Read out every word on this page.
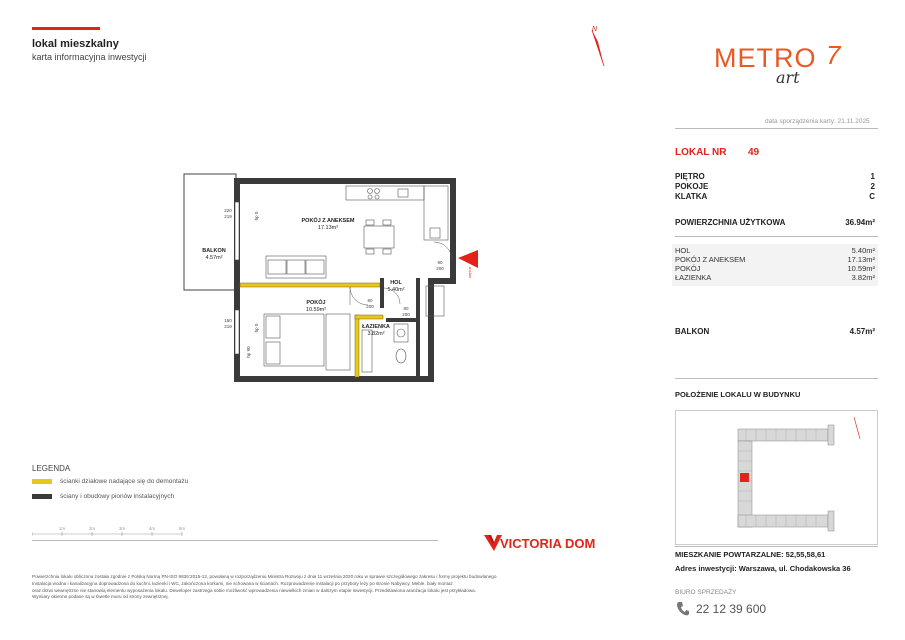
lokal mieszkalny
karta informacyjna inwestycji
N
METRO 7
art
data sporządzenia karty: 21.11.2025
LOKAL NR 49
PIĘTRO	1
POKOJE	2
KLATKA	C
POWIERZCHNIA UŻYTKOWA	36.94m²
HOL	5.40m²
POKÓJ Z ANEKSEM	17.13m²
POKÓJ	10.59m²
ŁAZIENKA	3.82m²
BALKON	4.57m²
POŁOŻENIE LOKALU W BUDYNKU
MIESZKANIE POWTARZALNE: 52,55,58,61
Adres inwestycji: Warszawa, ul. Chodakowska 36
BIURO SPRZEDAŻY
22 12 39 600
wejście
POKÓJ Z ANEKSEM
17.13m²
POKÓJ
10.59m²
HOL
5.40m²
ŁAZIENKA
3.82m²
BALKON
4.57m²
220
219
160
219
90
200
80
200	80
200
hp 0
hp 0
hp 90
LEGENDA
ścianki działowe nadające się do demontażu
ściany i obudowy pionów instalacyjnych
1m	2m	3m	4m	5m
VICTORIA DOM
Powierzchnia lokalu obliczona została zgodnie z Polską Normą PN-ISO 9836:2015-12, powołaną w rozporządzeniu Ministra Rozwoju z dnia 11 września 2020 roku w sprawie szczegółowego zakresu i formy projektu budowlanego.
Instalacja wodna i kanalizacyjna doprowadzona do kuchni, łazienki i WC, zakończona korkami, nie schowana w ścianach. Rozprowadzenie instalacji po przybory leży po stronie Nabywcy. Meble, biały montaż
oraz drzwi wewnętrzne nie stanowią elementu wyposażenia lokalu. Deweloper zastrzega sobie możliwość wprowadzenia niewielkich zmian w dalszym etapie inwestycji. Przedstawiona aranżacja lokalu jest przykładowa.
Wymiary okienne podane są w świetle muru od strony zewnętrznej.
